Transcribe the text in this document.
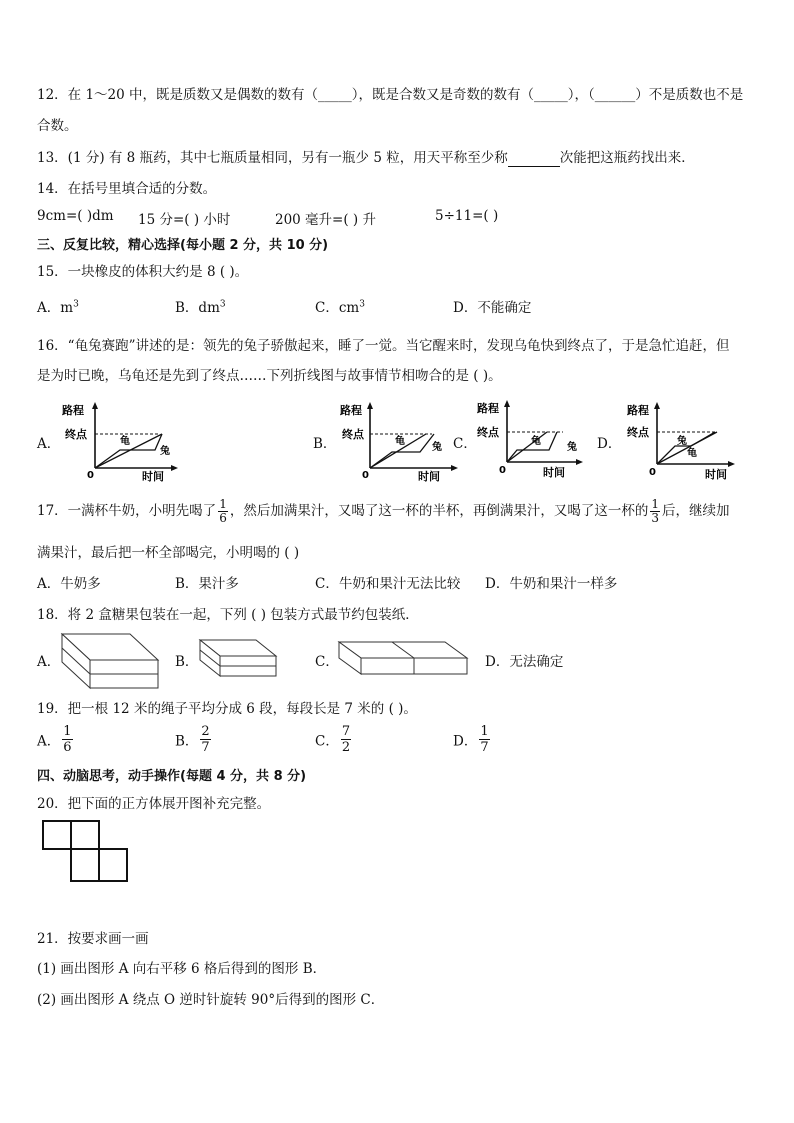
12．在 1～20 中，既是质数又是偶数的数有（_____），既是合数又是奇数的数有（_____），（______）不是质数也不是
合数。
13．(1 分) 有 8 瓶药，其中七瓶质量相同，另有一瓶少 5 粒，用天平称至少称	次能把这瓶药找出来．
14．在括号里填合适的分数。
9cm=( )dm 15 分=( ) 小时	200 毫升=( ) 升	5÷11=( )
三、反复比较，精心选择(每小题 2 分，共 10 分)
15．一块橡皮的体积大约是 8 ( )。
A．$m^3$	B．$dm^3$	C．$cm^3$	D．不能确定
16．“龟兔赛跑”讲述的是：领先的兔子骄傲起来，睡了一觉。当它醒来时，发现乌龟快到终点了，于是急忙追赶，但
是为时已晚，乌龟还是先到了终点……下列折线图与故事情节相吻合的是 ( )。
A．	B．	C．	D．
路程
终点
0	时间
龟
兔
路程
终点
0	时间
龟
兔
路程
终点
0	时间
龟
兔
路程
终点
0	时间
兔
龟
17．一满杯牛奶，小明先喝了 $\frac{1}{6}$ ，然后加满果汁，又喝了这一杯的半杯，再倒满果汁，又喝了这一杯的 $\frac{1}{3}$ 后，继续加
满果汁，最后把一杯全部喝完，小明喝的 ( )
A．牛奶多	B．果汁多	C．牛奶和果汁无法比较 D．牛奶和果汁一样多
18．将 2 盒糖果包装在一起，下列 ( ) 包装方式最节约包装纸．
A．	B．	C．	D．无法确定
19．把一根 12 米的绳子平均分成 6 段，每段长是 7 米的 ( )。
A． $\frac{1}{6}$	B． $\frac{2}{7}$	C． $\frac{7}{2}$	D． $\frac{1}{7}$
四、动脑思考，动手操作(每题 4 分，共 8 分)
20．把下面的正方体展开图补充完整。
21．按要求画一画
(1) 画出图形 A 向右平移 6 格后得到的图形 B．
(2) 画出图形 A 绕点 O 逆时针旋转 90°后得到的图形 C．
